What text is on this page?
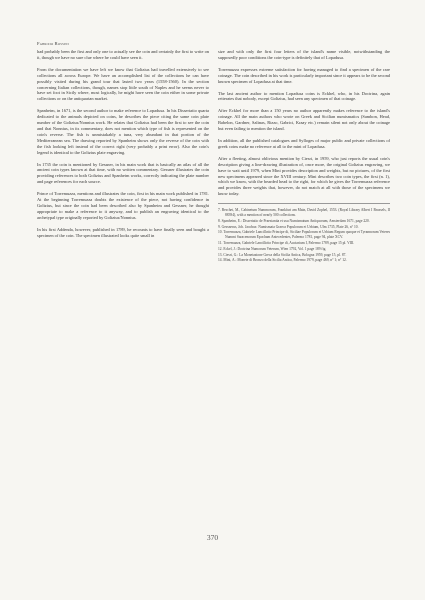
Fabrizio Rossini

had probably been the first and only one to actually see the coin and certainly the first to write on it, though we have no sure clue where he could have seen it.

From the documentation we have left we know that Goltzius had travelled extensively to see collections all across Europe. We have an accomplished list of the collections he can have possibly visited during his grand tour that lasted two years (1558-1560). In the section concerning Italian collections, though, names stop little south of Naples and he seems never to have set foot in Sicily where, most logically, he might have seen the coin either in some private collections or on the antiquarian market.

Spanheim, in 1671, is the second author to make reference to Lopadusa. In his Dissertatio quarta dedicated to the animals depicted on coins, he describes the piece citing the same coin plate number of the Goltzius/Nonnius work. He relates that Goltzius had been the first to see the coin and that Nonnius, in its commentary, does not mention which type of fish is represented on the coin's reverse. The fish is unmistakably a tuna, very abundant in that portion of the Mediterranean sea. The drawing reported by Spanheim shows only the reverse of the coin with the fish looking left instead of the correct right (very probably a print error). Also the coin's legend is identical to the Goltzius plate engraving.

In 1735 the coin is mentioned by Gessner, in his main work that is basically an atlas of all the ancient coin types known at that time, with no written commentary. Gessner illustrates the coin providing references to both Goltzius and Spanheim works, correctly indicating the plate number and page references for each source.

Prince of Torremuzza, mentions and illustrates the coin, first in his main work published in 1781. At the beginning Torremuzza doubts the existence of the piece, not having confidence in Goltzius, but since the coin had been described also by Spanheim and Gessner, he thought appropriate to make a reference to it anyway, and to publish an engraving identical to the archetypal type originally reported by Goltzius/Nonnius.

In his first Addenda, however, published in 1789, he recounts to have finally seen and bought a specimen of the coin. The specimen illustrated looks quite small in

size and with only the first four letters of the island's name visible, notwithstanding the supposedly poor conditions the coin-type is definitely that of Lopadusa.

Torremuzza expresses extreme satisfaction for having managed to find a specimen of the rare coinage. The coin described in his work is particularly important since it appears to be the second known specimen of Lopadusa at that time.

The last ancient author to mention Lopadusa coins is Eckhel, who, in his Doctrina, again reiterates that nobody, except Goltzius, had seen any specimen of that coinage.

After Eckhel for more than a 150 years no author apparently makes reference to the island's coinage. All the main authors who wrote on Greek and Sicilian numismatics (Sambon, Head, Babelon, Gardner, Salinas, Rizzo, Gabrici, Kraay etc.) remain silent not only about the coinage but even failing to mention the island.

In addition, all the published catalogues and Sylloges of major public and private collections of greek coins make no reference at all to the mint of Lopadusa.

After a fleeting, almost oblivious mention by Ciesri, in 1959, who just reports the usual coin's description giving a line-drawing illustration of, once more, the original Goltzius engraving, we have to wait until 1979, when Mini provides description and weights, but no pictures, of the first new specimens appeared since the XVIII century. Mini describes two coin types, the first (n. 1), which we know, with the bearded head to the right, for which he gives the Torremuzza reference and provides three weights that, however, do not match at all with those of the specimens we know today.

7. Beschet, M., Cabinetum Nummorum, Frankfurt am Main, David Zophel, 1553. (Royal Library Albert I Brussels, II 88394), with a mention of nearly 500 collections.
8. Spanheim, E.: Dissertatio de Praestantia et usu Numismatum Antiquorum, Amsterdam 1671, page 220.
9. Gessnerus, Joh. Jacobus: Numismata Graeca Populorum et Urbium, Ulm 1735, Plate 26, n° 10.
10. Torremuzza, Gabriele Lancillotto Principe di, Siciliae Populorum et Urbium Regum quoque et Tyrannorum Veteres Nummi Saracenorum Epocham Antecedentes, Palermo 1781, page 94, plate XCV.
11. Torremuzza, Gabriele Lancillotto Principe di, Auctarium I, Palermo 1789, page 15 pl. VIII.
12. Eckel, J.: Doctrina Numorum Veterum, Wien 1792, Vol. 1 page 189 fig.
13. Ciesri, G.: La Monetazione Greca della Sicilia Antica, Bologna 1959, page 15, pl. 87.
14. Mini, A.: Monete di Bronzo della Sicilia Antica, Palermo 1979, page 469, n° 1; n° 12.
370
